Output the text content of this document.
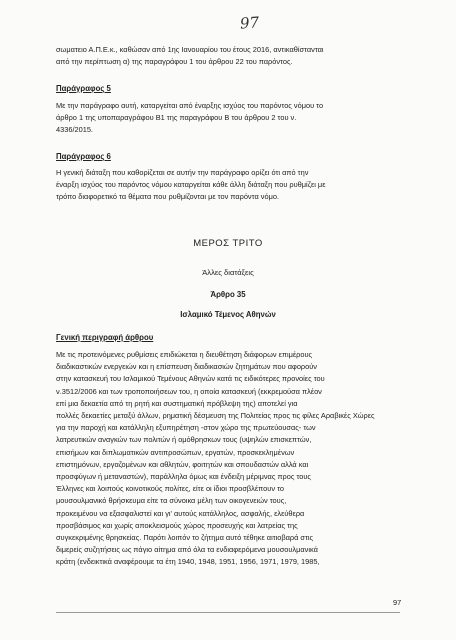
97
σωματειο Α.Π.Ε.κ., καθώσαν από 1ης Ιανουαρίου του έτους 2016, αντικαθίστανται
από την περίπτωση α) της παραγράφου 1 του άρθρου 22 του παρόντος.
Παράγραφος 5
Με την παράγραφο αυτή, καταργείται από έναρξης ισχύος του παρόντος νόμου το
άρθρο 1 της υποπαραγράφου Β1 της παραγράφου Β του άρθρου 2 του ν.
4336/2015.
Παράγραφος 6
Η γενική διάταξη που καθορίζεται σε αυτήν την παράγραφο ορίζει ότι από την
έναρξη ισχύος του παρόντος νόμου καταργείται κάθε άλλη διάταξη που ρυθμίζει με
τρόπο διαφορετικό τα θέματα που ρυθμίζονται με τον παρόντα νόμο.
ΜΕΡΟΣ ΤΡΙΤΟ
Άλλες διατάξεις
Άρθρο 35
Ισλαμικό Τέμενος Αθηνών
Γενική περιγραφή άρθρου
Με τις προτεινόμενες ρυθμίσεις επιδιώκεται η διευθέτηση διάφορων επιμέρους
διαδικαστικών ενεργειών και η επίσπευση διαδικασιών ζητημάτων που αφορούν
στην κατασκευή του Ισλαμικού Τεμένους Αθηνών κατά τις ειδικότερες προνοίες του
ν.3512/2006 και των τροποποιήσεων του, η οποία κατασκευή (εκκρεμούσα πλέον
επί μια δεκαετία από τη ρητή και συστηματική πρόβλεψη της) αποτελεί για
πολλές δεκαετίες μεταξύ άλλων, ρηματική δέσμευση της Πολιτείας προς τις φίλες Αραβικές Χώρες
για την παροχή και κατάλληλη εξυπηρέτηση -στον χώρο της πρωτεύουσας- των
λατρευτικών αναγκών των πολιτών ή ομόθρησκων τους (υψηλών επισκεπτών,
επισήμων και διπλωματικών αντιπροσώπων, εργατών, προσκεκλημένων
επιστημόνων, εργαζομένων και αθλητών, φοιτητών και σπουδαστών αλλά και
προσφύγων ή μεταναστών), παράλληλα όμως και ένδειξη μέριμνας προς τους
Έλληνες και λοιπούς κοινοτικούς πολίτες, είτε οι ίδιοι προσβλέπουν το
μουσουλμανικό θρήσκευμα είτε τα σύνοικα μέλη των οικογενειών τους,
προκειμένου να εξασφαλιστεί και γι' αυτούς κατάλληλος, ασφαλής, ελεύθερα
προσβάσιμος και χωρίς αποκλεισμούς χώρος προσευχής και λατρείας της
συγκεκριμένης θρησκείας. Παρότι λοιπόν το ζήτημα αυτό τέθηκε αιτιοβαρά στις
διμερείς συζητήσεις ως πάγιο αίτημα από όλα τα ενδιαφερόμενα μουσουλμανικά
κράτη (ενδεικτικά αναφέρουμε τα έτη 1940, 1948, 1951, 1956, 1971, 1979, 1985,
97
